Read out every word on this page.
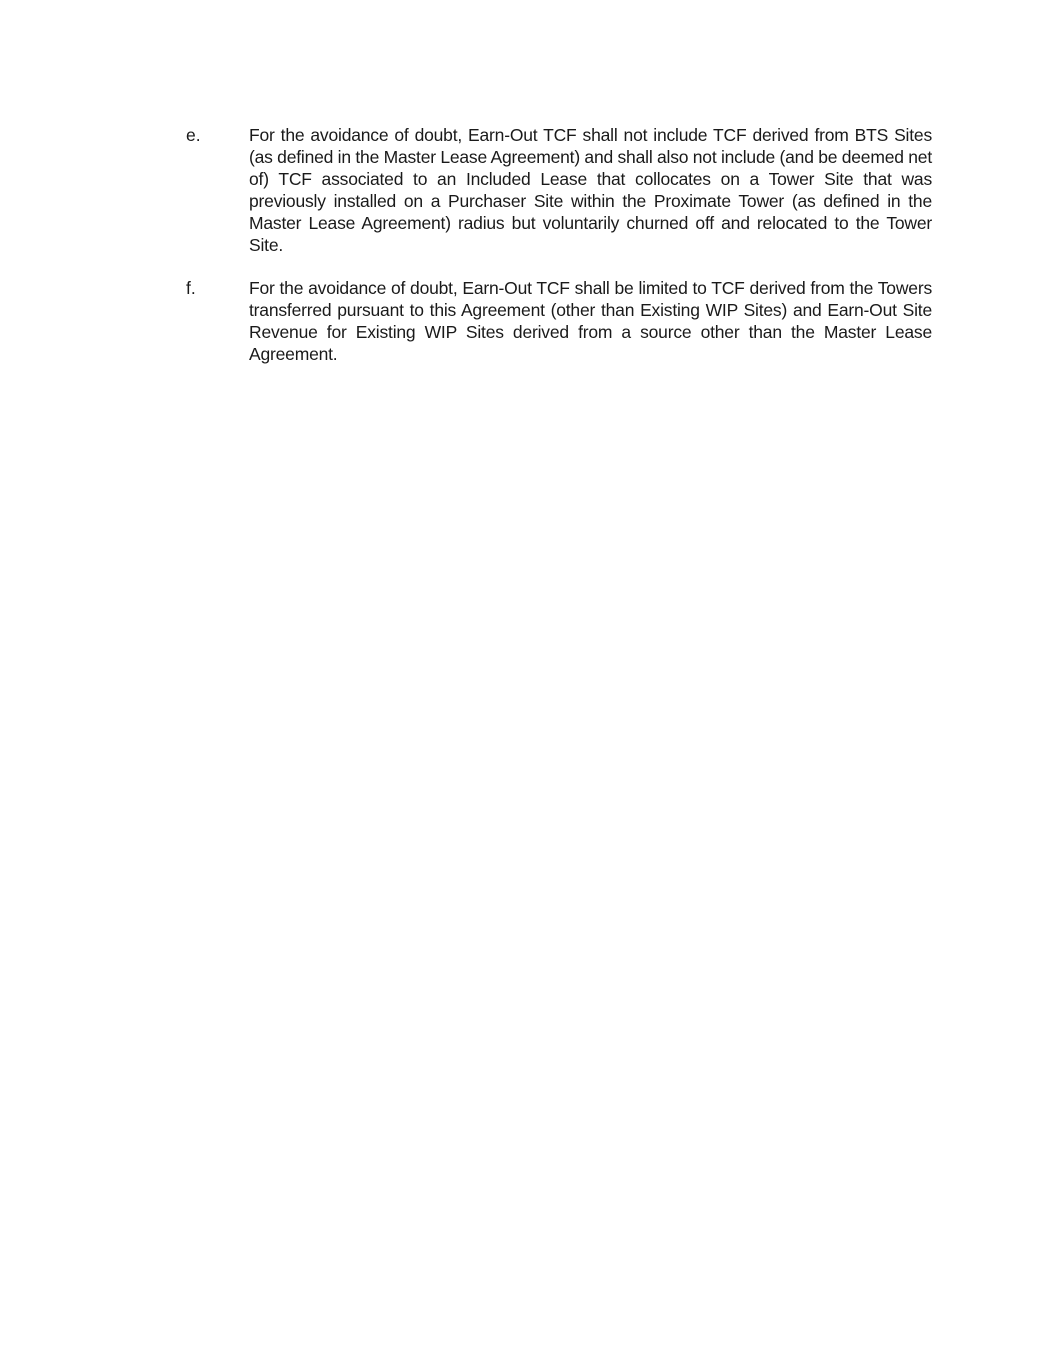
e.	For the avoidance of doubt, Earn-Out TCF shall not include TCF derived from BTS Sites (as defined in the Master Lease Agreement) and shall also not include (and be deemed net of) TCF associated to an Included Lease that collocates on a Tower Site that was previously installed on a Purchaser Site within the Proximate Tower (as defined in the Master Lease Agreement) radius but voluntarily churned off and relocated to the Tower Site.
f.	For the avoidance of doubt, Earn-Out TCF shall be limited to TCF derived from the Towers transferred pursuant to this Agreement (other than Existing WIP Sites) and Earn-Out Site Revenue for Existing WIP Sites derived from a source other than the Master Lease Agreement.
